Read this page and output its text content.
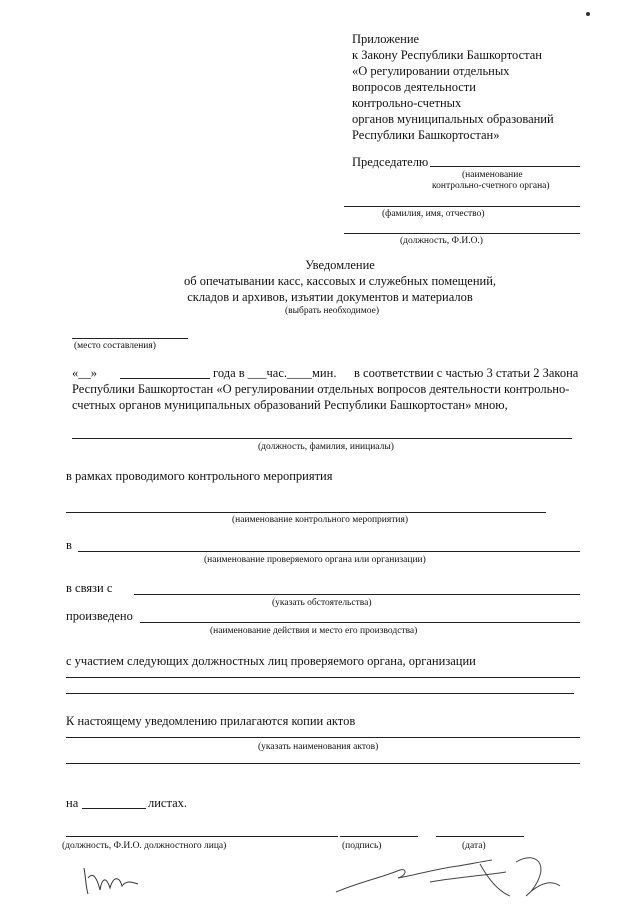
Приложение
к Закону Республики Башкортостан
«О регулировании отдельных
вопросов деятельности
контрольно-счетных
органов муниципальных образований
Республики Башкортостан»
Председателю
(наименование
контрольно-счетного органа)
(фамилия, имя, отчество)
(должность, Ф.И.О.)
Уведомление
об опечатывании касс, кассовых и служебных помещений,
складов и архивов, изъятии документов и материалов
(выбрать необходимое)
(место составления)
«__»	года в ___час.____мин. в соответствии с частью 3 статьи 2 Закона
Республики Башкортостан «О регулировании отдельных вопросов деятельности контрольно-
счетных органов муниципальных образований Республики Башкортостан» мною,
(должность, фамилия, инициалы)
в рамках проводимого контрольного мероприятия
(наименование контрольного мероприятия)
в
(наименование проверяемого органа или организации)
в связи с
(указать обстоятельства)
произведено
(наименование действия и место его производства)
с участием следующих должностных лиц проверяемого органа, организации
К настоящему уведомлению прилагаются копии актов
(указать наименования актов)
на	листах.
(должность, Ф.И.О. должностного лица)	(подпись)	(дата)
